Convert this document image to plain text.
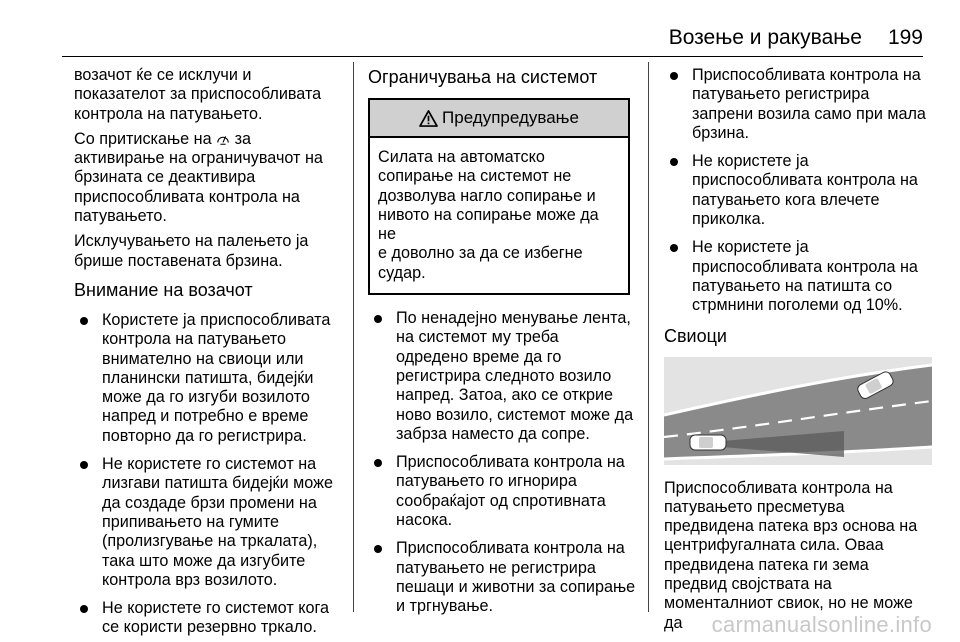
Возење и ракување 199
возачот ќе се исклучи и
показателот за приспособливата
контрола на патувањето.
Со притискање на  за
активирање на ограничувачот на
брзината се деактивира
приспособливата контрола на
патувањето.
Исклучувањето на палењето ја
брише поставената брзина.
Внимание на возачот
Користете ја приспособливата
контрола на патувањето
внимателно на свиоци или
планински патишта, бидејќи
може да го изгуби возилото
напред и потребно е време
повторно да го регистрира.
Не користете го системот на
лизгави патишта бидејќи може
да создаде брзи промени на
припивањето на гумите
(пролизгување на тркалата),
така што може да изгубите
контрола врз возилото.
Не користете го системот кога
се користи резервно тркало.
Ограничувања на системот
Предупредување
Силата на автоматско
сопирање на системот не
дозволува нагло сопирање и
нивото на сопирање може да не
е доволно за да се избегне
судар.
По ненадејно менување лента,
на системот му треба
одредено време да го
регистрира следното возило
напред. Затоа, ако се открие
ново возило, системот може да
забрза наместо да сопре.
Приспособливата контрола на
патувањето го игнорира
сообраќајот од спротивната
насока.
Приспособливата контрола на
патувањето не регистрира
пешаци и животни за сопирање
и тргнување.
Приспособливата контрола на
патувањето регистрира
запрени возила само при мала
брзина.
Не користете ја
приспособливата контрола на
патувањето кога влечете
приколка.
Не користете ја
приспособливата контрола на
патувањето на патишта со
стрмнини поголеми од 10%.
Свиоци
Приспособливата контрола на
патувањето пресметува
предвидена патека врз основа на
центрифугалната сила. Оваа
предвидена патека ги зема
предвид својствата на
моменталниот свиок, но не може да	carmanualsonline.info
